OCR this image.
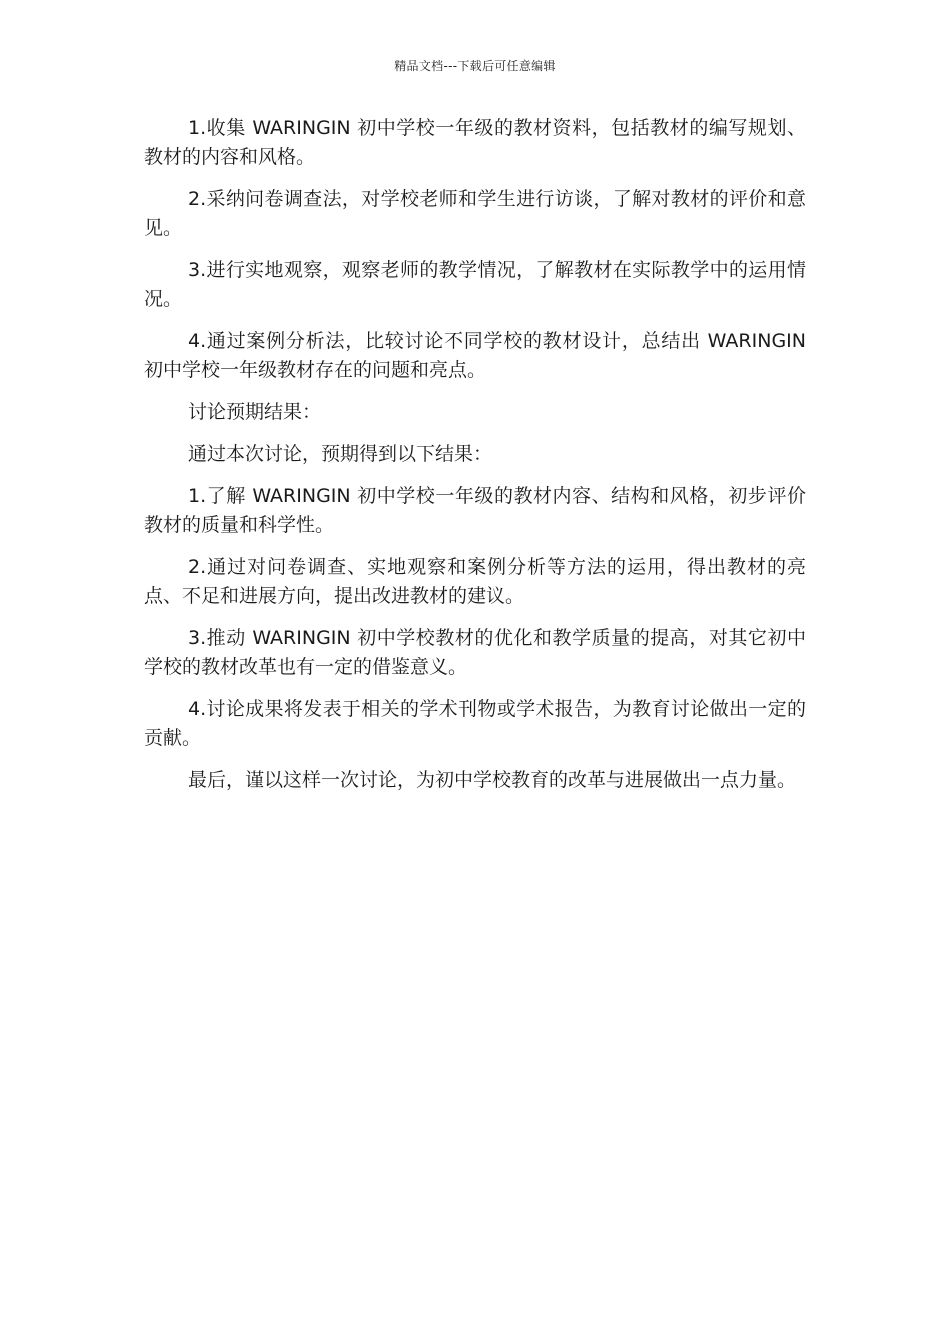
精品文档---下载后可任意编辑

1.收集 WARINGIN 初中学校一年级的教材资料，包括教材的编写规划、教材的内容和风格。

2.采纳问卷调查法，对学校老师和学生进行访谈，了解对教材的评价和意见。

3.进行实地观察，观察老师的教学情况，了解教材在实际教学中的运用情况。

4.通过案例分析法，比较讨论不同学校的教材设计，总结出 WARINGIN 初中学校一年级教材存在的问题和亮点。

讨论预期结果：

通过本次讨论，预期得到以下结果：

1.了解 WARINGIN 初中学校一年级的教材内容、结构和风格，初步评价教材的质量和科学性。

2.通过对问卷调查、实地观察和案例分析等方法的运用，得出教材的亮点、不足和进展方向，提出改进教材的建议。

3.推动 WARINGIN 初中学校教材的优化和教学质量的提高，对其它初中学校的教材改革也有一定的借鉴意义。

4.讨论成果将发表于相关的学术刊物或学术报告，为教育讨论做出一定的贡献。

最后，谨以这样一次讨论，为初中学校教育的改革与进展做出一点力量。
